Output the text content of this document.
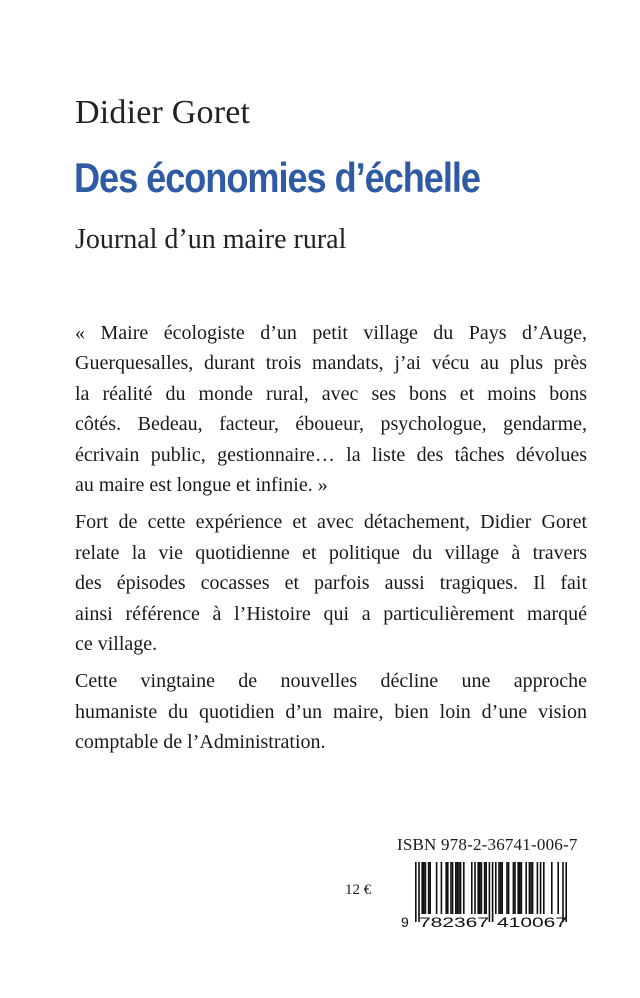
Didier Goret
Des économies d’échelle
Journal d’un maire rural

« Maire écologiste d’un petit village du Pays d’Auge,
Guerquesalles, durant trois mandats, j’ai vécu au plus près
la réalité du monde rural, avec ses bons et moins bons
côtés. Bedeau, facteur, éboueur, psychologue, gendarme,
écrivain public, gestionnaire… la liste des tâches dévolues
au maire est longue et infinie. »

Fort de cette expérience et avec détachement, Didier Goret
relate la vie quotidienne et politique du village à travers
des épisodes cocasses et parfois aussi tragiques. Il fait
ainsi référence à l’Histoire qui a particulièrement marqué
ce village.

Cette vingtaine de nouvelles décline une approche
humaniste du quotidien d’un maire, bien loin d’une vision
comptable de l’Administration.

ISBN 978-2-36741-006-7
12 €
9 782367 410067
